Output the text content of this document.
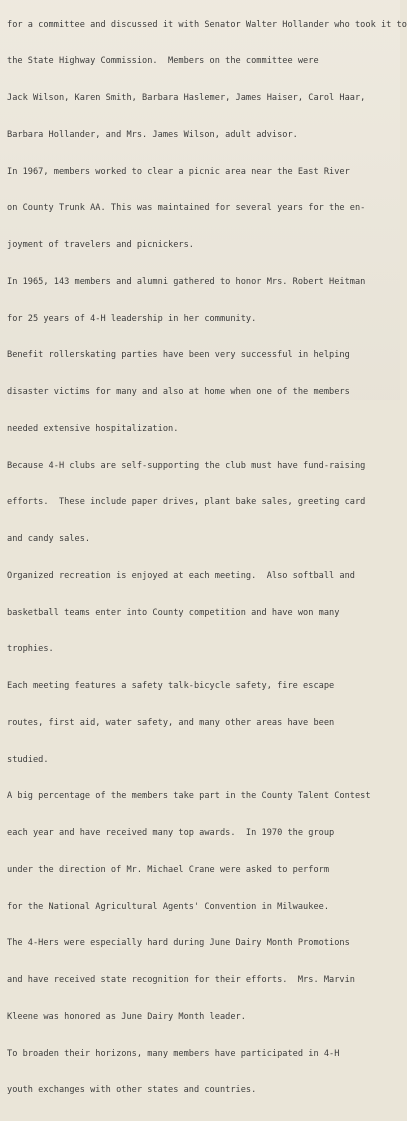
for a committee and discussed it with Senator Walter Hollander who took it to

the State Highway Commission.  Members on the committee were

Jack Wilson, Karen Smith, Barbara Haslemer, James Haiser, Carol Haar,

Barbara Hollander, and Mrs. James Wilson, adult advisor.

In 1967, members worked to clear a picnic area near the East River

on County Trunk AA. This was maintained for several years for the en-

joyment of travelers and picnickers.

In 1965, 143 members and alumni gathered to honor Mrs. Robert Heitman

for 25 years of 4-H leadership in her community.

Benefit rollerskating parties have been very successful in helping

disaster victims for many and also at home when one of the members

needed extensive hospitalization.

Because 4-H clubs are self-supporting the club must have fund-raising

efforts.  These include paper drives, plant bake sales, greeting card

and candy sales.

Organized recreation is enjoyed at each meeting.  Also softball and

basketball teams enter into County competition and have won many

trophies.

Each meeting features a safety talk-bicycle safety, fire escape

routes, first aid, water safety, and many other areas have been

studied.

A big percentage of the members take part in the County Talent Contest

each year and have received many top awards.  In 1970 the group

under the direction of Mr. Michael Crane were asked to perform

for the National Agricultural Agents' Convention in Milwaukee.

The 4-Hers were especially hard during June Dairy Month Promotions

and have received state recognition for their efforts.  Mrs. Marvin

Kleene was honored as June Dairy Month leader.

To broaden their horizons, many members have participated in 4-H

youth exchanges with other states and countries.
